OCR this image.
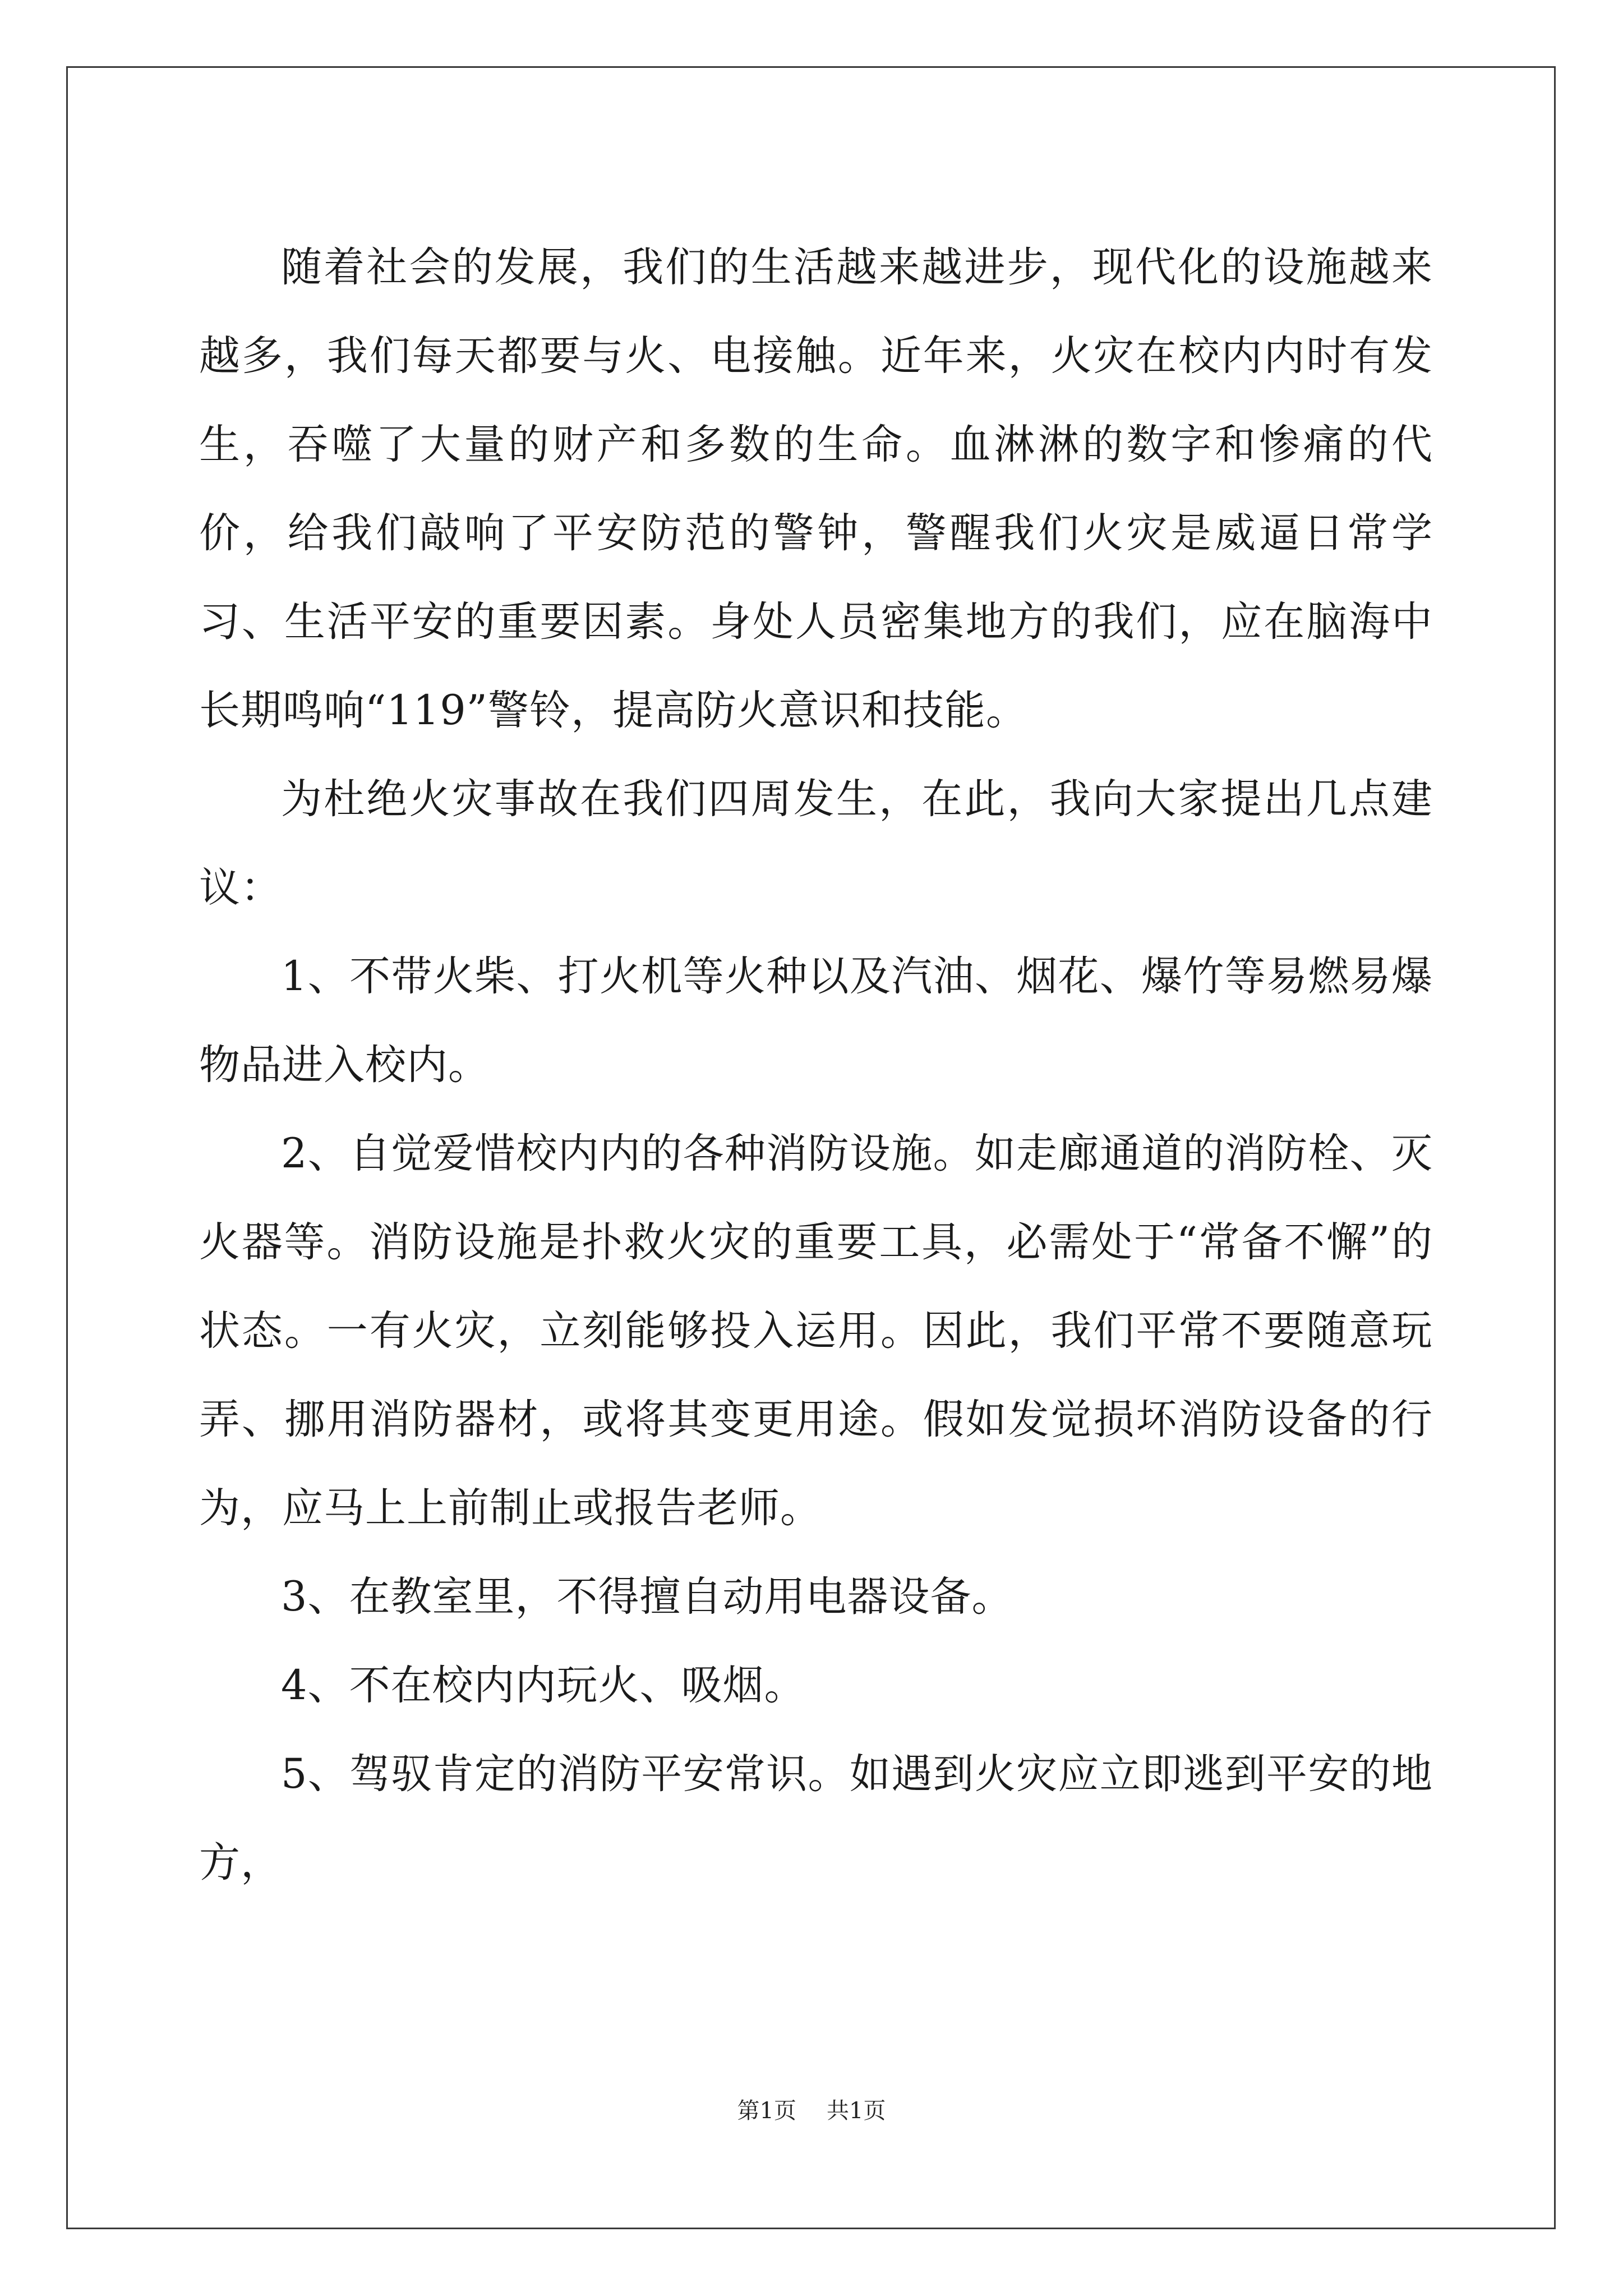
随着社会的发展，我们的生活越来越进步，现代化的设施越来越多，我们每天都要与火、电接触。近年来，火灾在校内内时有发生，吞噬了大量的财产和多数的生命。血淋淋的数字和惨痛的代价，给我们敲响了平安防范的警钟，警醒我们火灾是威逼日常学习、生活平安的重要因素。身处人员密集地方的我们，应在脑海中长期鸣响“119”警铃，提高防火意识和技能。

为杜绝火灾事故在我们四周发生，在此，我向大家提出几点建议：

1、不带火柴、打火机等火种以及汽油、烟花、爆竹等易燃易爆物品进入校内。

2、自觉爱惜校内内的各种消防设施。如走廊通道的消防栓、灭火器等。消防设施是扑救火灾的重要工具，必需处于“常备不懈”的状态。一有火灾，立刻能够投入运用。因此，我们平常不要随意玩弄、挪用消防器材，或将其变更用途。假如发觉损坏消防设备的行为，应马上上前制止或报告老师。

3、在教室里，不得擅自动用电器设备。

4、不在校内内玩火、吸烟。

5、驾驭肯定的消防平安常识。如遇到火灾应立即逃到平安的地方，

第1页 共1页
